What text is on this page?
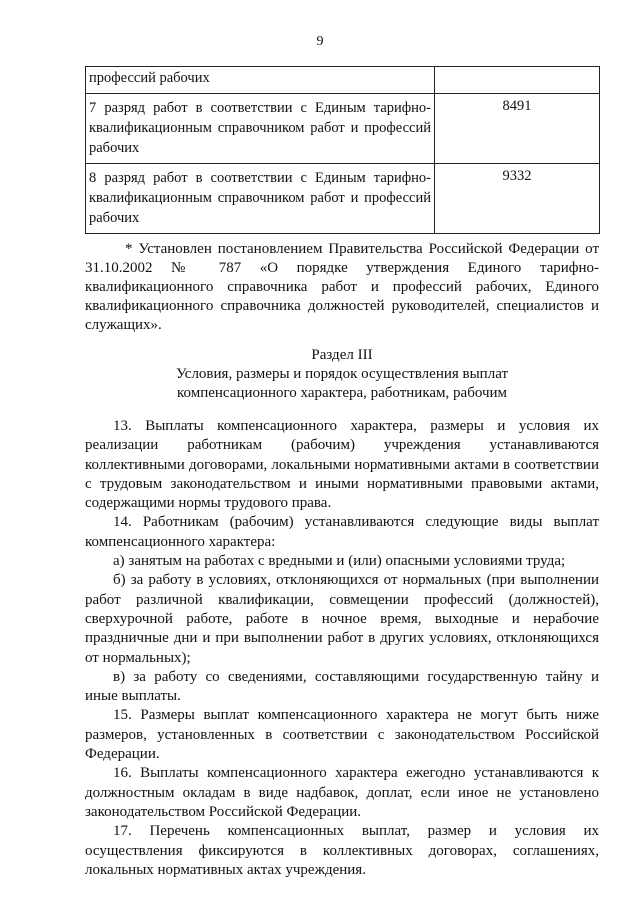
9
профессий рабочих	
7 разряд работ в соответствии с Единым тарифно-квалификационным справочником работ и профессий рабочих	8491
8 разряд работ в соответствии с Единым тарифно-квалификационным справочником работ и профессий рабочих	9332

* Установлен постановлением Правительства Российской Федерации от 31.10.2002 № 787 «О порядке утверждения Единого тарифно-квалификационного справочника работ и профессий рабочих, Единого квалификационного справочника должностей руководителей, специалистов и служащих».

Раздел III
Условия, размеры и порядок осуществления выплат
компенсационного характера, работникам, рабочим

13. Выплаты компенсационного характера, размеры и условия их реализации работникам (рабочим) учреждения устанавливаются коллективными договорами, локальными нормативными актами в соответствии с трудовым законодательством и иными нормативными правовыми актами, содержащими нормы трудового права.

14. Работникам (рабочим) устанавливаются следующие виды выплат компенсационного характера:

а) занятым на работах с вредными и (или) опасными условиями труда;

б) за работу в условиях, отклоняющихся от нормальных (при выполнении работ различной квалификации, совмещении профессий (должностей), сверхурочной работе, работе в ночное время, выходные и нерабочие праздничные дни и при выполнении работ в других условиях, отклоняющихся от нормальных);

в) за работу со сведениями, составляющими государственную тайну и иные выплаты.

15. Размеры выплат компенсационного характера не могут быть ниже размеров, установленных в соответствии с законодательством Российской Федерации.

16. Выплаты компенсационного характера ежегодно устанавливаются к должностным окладам в виде надбавок, доплат, если иное не установлено законодательством Российской Федерации.

17. Перечень компенсационных выплат, размер и условия их осуществления фиксируются в коллективных договорах, соглашениях, локальных нормативных актах учреждения.
